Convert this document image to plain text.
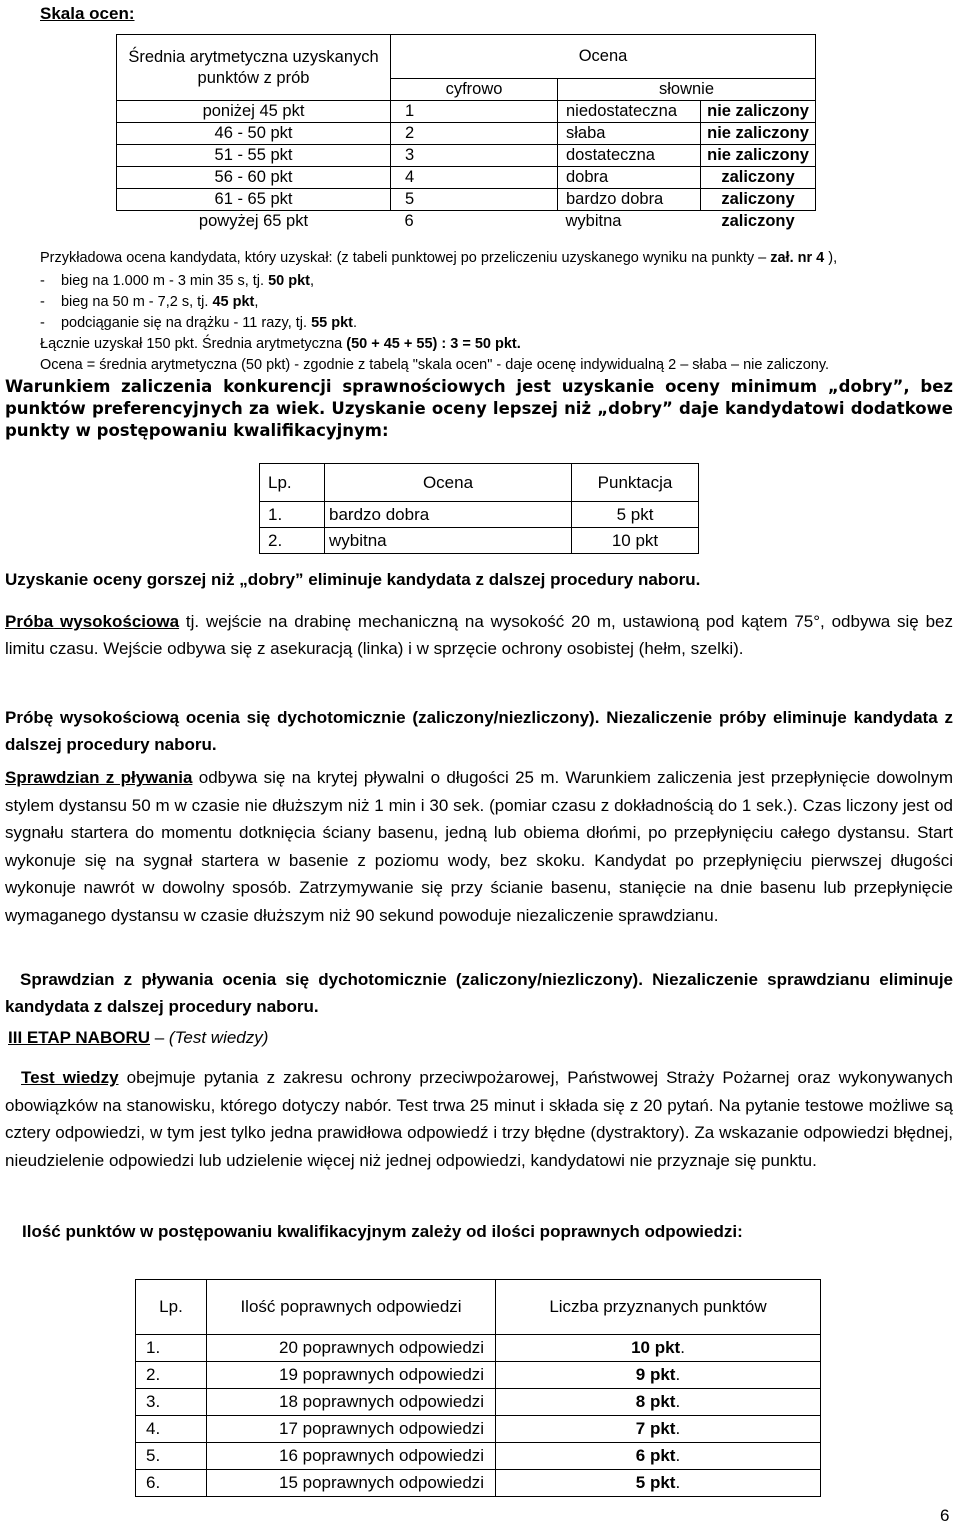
Skala ocen:
Średnia arytmetyczna uzyskanych punktów z prób	Ocena		
	cyfrowo	słownie	
poniżej 45 pkt	1	niedostateczna	nie zaliczony
46 - 50 pkt	2	słaba	nie zaliczony
51 - 55 pkt	3	dostateczna	nie zaliczony
56 - 60 pkt	4	dobra	zaliczony
61 - 65 pkt	5	bardzo dobra	zaliczony
powyżej 65 pkt	6	wybitna	zaliczony
Przykładowa ocena kandydata, który uzyskał: (z tabeli punktowej po przeliczeniu uzyskanego wyniku na punkty – zał. nr 4 ),
-    bieg na 1.000 m - 3 min 35 s, tj. 50 pkt,
-    bieg na 50 m - 7,2 s, tj. 45 pkt,
-    podciąganie się na drążku - 11 razy, tj. 55 pkt.
Łącznie uzyskał 150 pkt. Średnia arytmetyczna (50 + 45 + 55) : 3 = 50 pkt.
Ocena = średnia arytmetyczna (50 pkt) - zgodnie z tabelą "skala ocen" - daje ocenę indywidualną 2 – słaba – nie zaliczony.
Warunkiem zaliczenia konkurencji sprawnościowych jest uzyskanie oceny minimum „dobry”, bez punktów preferencyjnych za wiek. Uzyskanie oceny lepszej niż „dobry” daje kandydatowi dodatkowe punkty w postępowaniu kwalifikacyjnym:
Lp.	Ocena	Punktacja
1.	bardzo dobra	5 pkt
2.	wybitna	10 pkt
Uzyskanie oceny gorszej niż „dobry” eliminuje kandydata z dalszej procedury naboru.
Próba wysokościowa tj. wejście na drabinę mechaniczną na wysokość 20 m, ustawioną pod kątem 75°, odbywa się bez limitu czasu. Wejście odbywa się z asekuracją (linka) i w sprzęcie ochrony osobistej (hełm, szelki).
Próbę wysokościową ocenia się dychotomicznie (zaliczony/niezliczony). Niezaliczenie próby eliminuje kandydata z dalszej procedury naboru.
Sprawdzian z pływania odbywa się na krytej pływalni o długości 25 m. Warunkiem zaliczenia jest przepłynięcie dowolnym stylem dystansu 50 m w czasie nie dłuższym niż 1 min i 30 sek. (pomiar czasu z dokładnością do 1 sek.). Czas liczony jest od sygnału startera do momentu dotknięcia ściany basenu, jedną lub obiema dłońmi, po przepłynięciu całego dystansu. Start wykonuje się na sygnał startera w basenie z poziomu wody, bez skoku. Kandydat po przepłynięciu pierwszej długości wykonuje nawrót w dowolny sposób. Zatrzymywanie się przy ścianie basenu, stanięcie na dnie basenu lub przepłynięcie wymaganego dystansu w czasie dłuższym niż 90 sekund powoduje niezaliczenie sprawdzianu.
Sprawdzian z pływania ocenia się dychotomicznie (zaliczony/niezliczony). Niezaliczenie sprawdzianu eliminuje kandydata z dalszej procedury naboru.
III ETAP NABORU – (Test wiedzy)
Test wiedzy obejmuje pytania z zakresu ochrony przeciwpożarowej, Państwowej Straży Pożarnej oraz wykonywanych obowiązków na stanowisku, którego dotyczy nabór. Test trwa 25 minut i składa się z 20 pytań. Na pytanie testowe możliwe są cztery odpowiedzi, w tym jest tylko jedna prawidłowa odpowiedź i trzy błędne (dystraktory). Za wskazanie odpowiedzi błędnej, nieudzielenie odpowiedzi lub udzielenie więcej niż jednej odpowiedzi, kandydatowi nie przyznaje się punktu.
Ilość punktów w postępowaniu kwalifikacyjnym zależy od ilości poprawnych odpowiedzi:
Lp.	Ilość poprawnych odpowiedzi	Liczba przyznanych punktów
1.	20 poprawnych odpowiedzi	10 pkt.
2.	19 poprawnych odpowiedzi	9 pkt.
3.	18 poprawnych odpowiedzi	8 pkt.
4.	17 poprawnych odpowiedzi	7 pkt.
5.	16 poprawnych odpowiedzi	6 pkt.
6.	15 poprawnych odpowiedzi	5 pkt.
6
